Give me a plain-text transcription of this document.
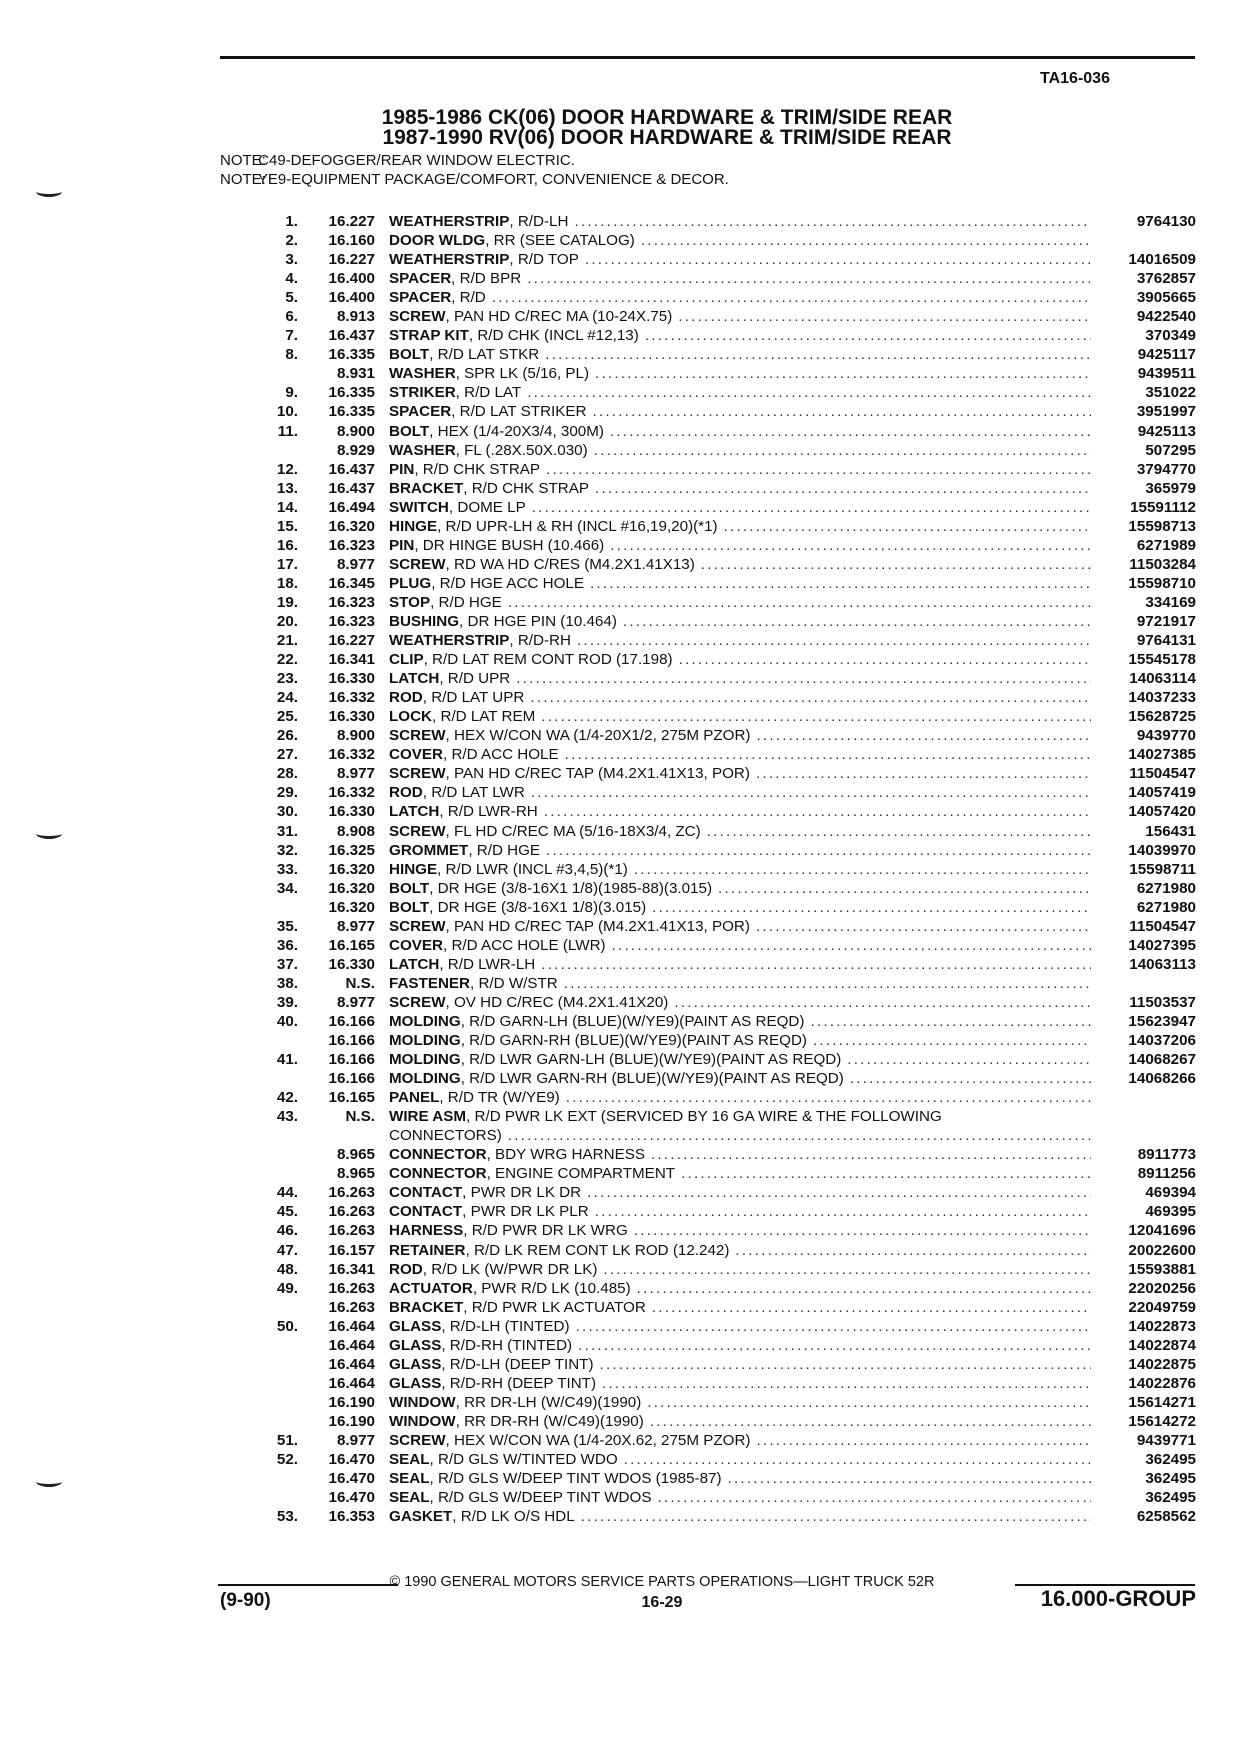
TA16-036
1985-1986 CK(06) DOOR HARDWARE & TRIM/SIDE REAR
1987-1990 RV(06) DOOR HARDWARE & TRIM/SIDE REAR
NOTE: C49-DEFOGGER/REAR WINDOW ELECTRIC.
NOTE: YE9-EQUIPMENT PACKAGE/COMFORT, CONVENIENCE & DECOR.
1.	16.227 WEATHERSTRIP, R/D-LH . . .	9764130
2.	16.160 DOOR WLDG, RR (SEE CATALOG)
. . .
3.	16.227 WEATHERSTRIP, R/D TOP . . .	14016509
4.	16.400 SPACER, R/D BPR . . .	3762857
5.	16.400 SPACER, R/D . . .	3905665
6.	8.913 SCREW, PAN HD C/REC MA (10-24X.75) . . .	9422540
7.	16.437 STRAP KIT, R/D CHK (INCL #12,13) . . .	370349
8.	16.335 BOLT, R/D LAT STKR . . .	9425117
8.931 WASHER, SPR LK (5/16, PL) . . .	9439511
9.	16.335 STRIKER, R/D LAT . . .	351022
10.	16.335 SPACER, R/D LAT STRIKER . . .	3951997
11.	8.900 BOLT, HEX (1/4-20X3/4, 300M) . . .	9425113
8.929 WASHER, FL (.28X.50X.030) . . .	507295
12.	16.437 PIN, R/D CHK STRAP . . .	3794770
13.	16.437 BRACKET, R/D CHK STRAP . . .	365979
14.	16.494 SWITCH, DOME LP . . .	15591112
15.	16.320 HINGE, R/D UPR-LH & RH (INCL #16,19,20)(*1) . . .	15598713
16.	16.323 PIN, DR HINGE BUSH (10.466) . . .	6271989
17.	8.977 SCREW, RD WA HD C/RES (M4.2X1.41X13) . . .	11503284
18.	16.345 PLUG, R/D HGE ACC HOLE . . .	15598710
19.	16.323 STOP, R/D HGE . . .	334169
20.	16.323 BUSHING, DR HGE PIN (10.464) . . .	9721917
21.	16.227 WEATHERSTRIP, R/D-RH . . .	9764131
22.	16.341 CLIP, R/D LAT REM CONT ROD (17.198) . . .	15545178
23.	16.330 LATCH, R/D UPR . . .	14063114
24.	16.332 ROD, R/D LAT UPR . . .	14037233
25.	16.330 LOCK, R/D LAT REM . . .	15628725
26.	8.900 SCREW, HEX W/CON WA (1/4-20X1/2, 275M PZOR) . . .	9439770
27.	16.332 COVER, R/D ACC HOLE . . .	14027385
28.	8.977 SCREW, PAN HD C/REC TAP (M4.2X1.41X13, POR) . . .	11504547
29.	16.332 ROD, R/D LAT LWR . . .	14057419
30.	16.330 LATCH, R/D LWR-RH . . .	14057420
31.	8.908 SCREW, FL HD C/REC MA (5/16-18X3/4, ZC) . . .	156431
32.	16.325 GROMMET, R/D HGE . . .	14039970
33.	16.320 HINGE, R/D LWR (INCL #3,4,5)(*1) . . .	15598711
34.	16.320 BOLT, DR HGE (3/8-16X1 1/8)(1985-88)(3.015) . . .	6271980
16.320 BOLT, DR HGE (3/8-16X1 1/8)(3.015) . . .	6271980
35.	8.977 SCREW, PAN HD C/REC TAP (M4.2X1.41X13, POR) . . .	11504547
36.	16.165 COVER, R/D ACC HOLE (LWR) . . .	14027395
37.	16.330 LATCH, R/D LWR-LH . . .	14063113
38.	N.S. FASTENER, R/D W/STR
. . .
39.	8.977 SCREW, OV HD C/REC (M4.2X1.41X20) . . .	11503537
40.	16.166 MOLDING, R/D GARN-LH (BLUE)(W/YE9)(PAINT AS REQD) . . .	15623947
16.166 MOLDING, R/D GARN-RH (BLUE)(W/YE9)(PAINT AS REQD) . . .	14037206
41.	16.166 MOLDING, R/D LWR GARN-LH (BLUE)(W/YE9)(PAINT AS REQD) . . .	14068267
16.166 MOLDING, R/D LWR GARN-RH (BLUE)(W/YE9)(PAINT AS REQD) . . .	14068266
42.	16.165 PANEL, R/D TR (W/YE9)
. . .
43.	N.S. WIRE ASM, R/D PWR LK EXT (SERVICED BY 16 GA WIRE & THE FOLLOWING
CONNECTORS)
. . .
8.965 CONNECTOR, BDY WRG HARNESS . . .	8911773
8.965 CONNECTOR, ENGINE COMPARTMENT . . .	8911256
44.	16.263 CONTACT, PWR DR LK DR . . .	469394
45.	16.263 CONTACT, PWR DR LK PLR . . .	469395
46.	16.263 HARNESS, R/D PWR DR LK WRG . . .	12041696
47.	16.157 RETAINER, R/D LK REM CONT LK ROD (12.242) . . .	20022600
48.	16.341 ROD, R/D LK (W/PWR DR LK) . . .	15593881
49.	16.263 ACTUATOR, PWR R/D LK (10.485) . . .	22020256
16.263 BRACKET, R/D PWR LK ACTUATOR . . .	22049759
50.	16.464 GLASS, R/D-LH (TINTED) . . .	14022873
16.464 GLASS, R/D-RH (TINTED) . . .	14022874
16.464 GLASS, R/D-LH (DEEP TINT) . . .	14022875
16.464 GLASS, R/D-RH (DEEP TINT) . . .	14022876
16.190 WINDOW, RR DR-LH (W/C49)(1990) . . .	15614271
16.190 WINDOW, RR DR-RH (W/C49)(1990) . . .	15614272
51.	8.977 SCREW, HEX W/CON WA (1/4-20X.62, 275M PZOR) . . .	9439771
52.	16.470 SEAL, R/D GLS W/TINTED WDO . . .	362495
16.470 SEAL, R/D GLS W/DEEP TINT WDOS (1985-87) . . .	362495
16.470 SEAL, R/D GLS W/DEEP TINT WDOS . . .	362495
53.	16.353 GASKET, R/D LK O/S HDL . . .	6258562
© 1990 GENERAL MOTORS SERVICE PARTS OPERATIONS—LIGHT TRUCK 52R
(9-90)	16-29	16.000-GROUP
